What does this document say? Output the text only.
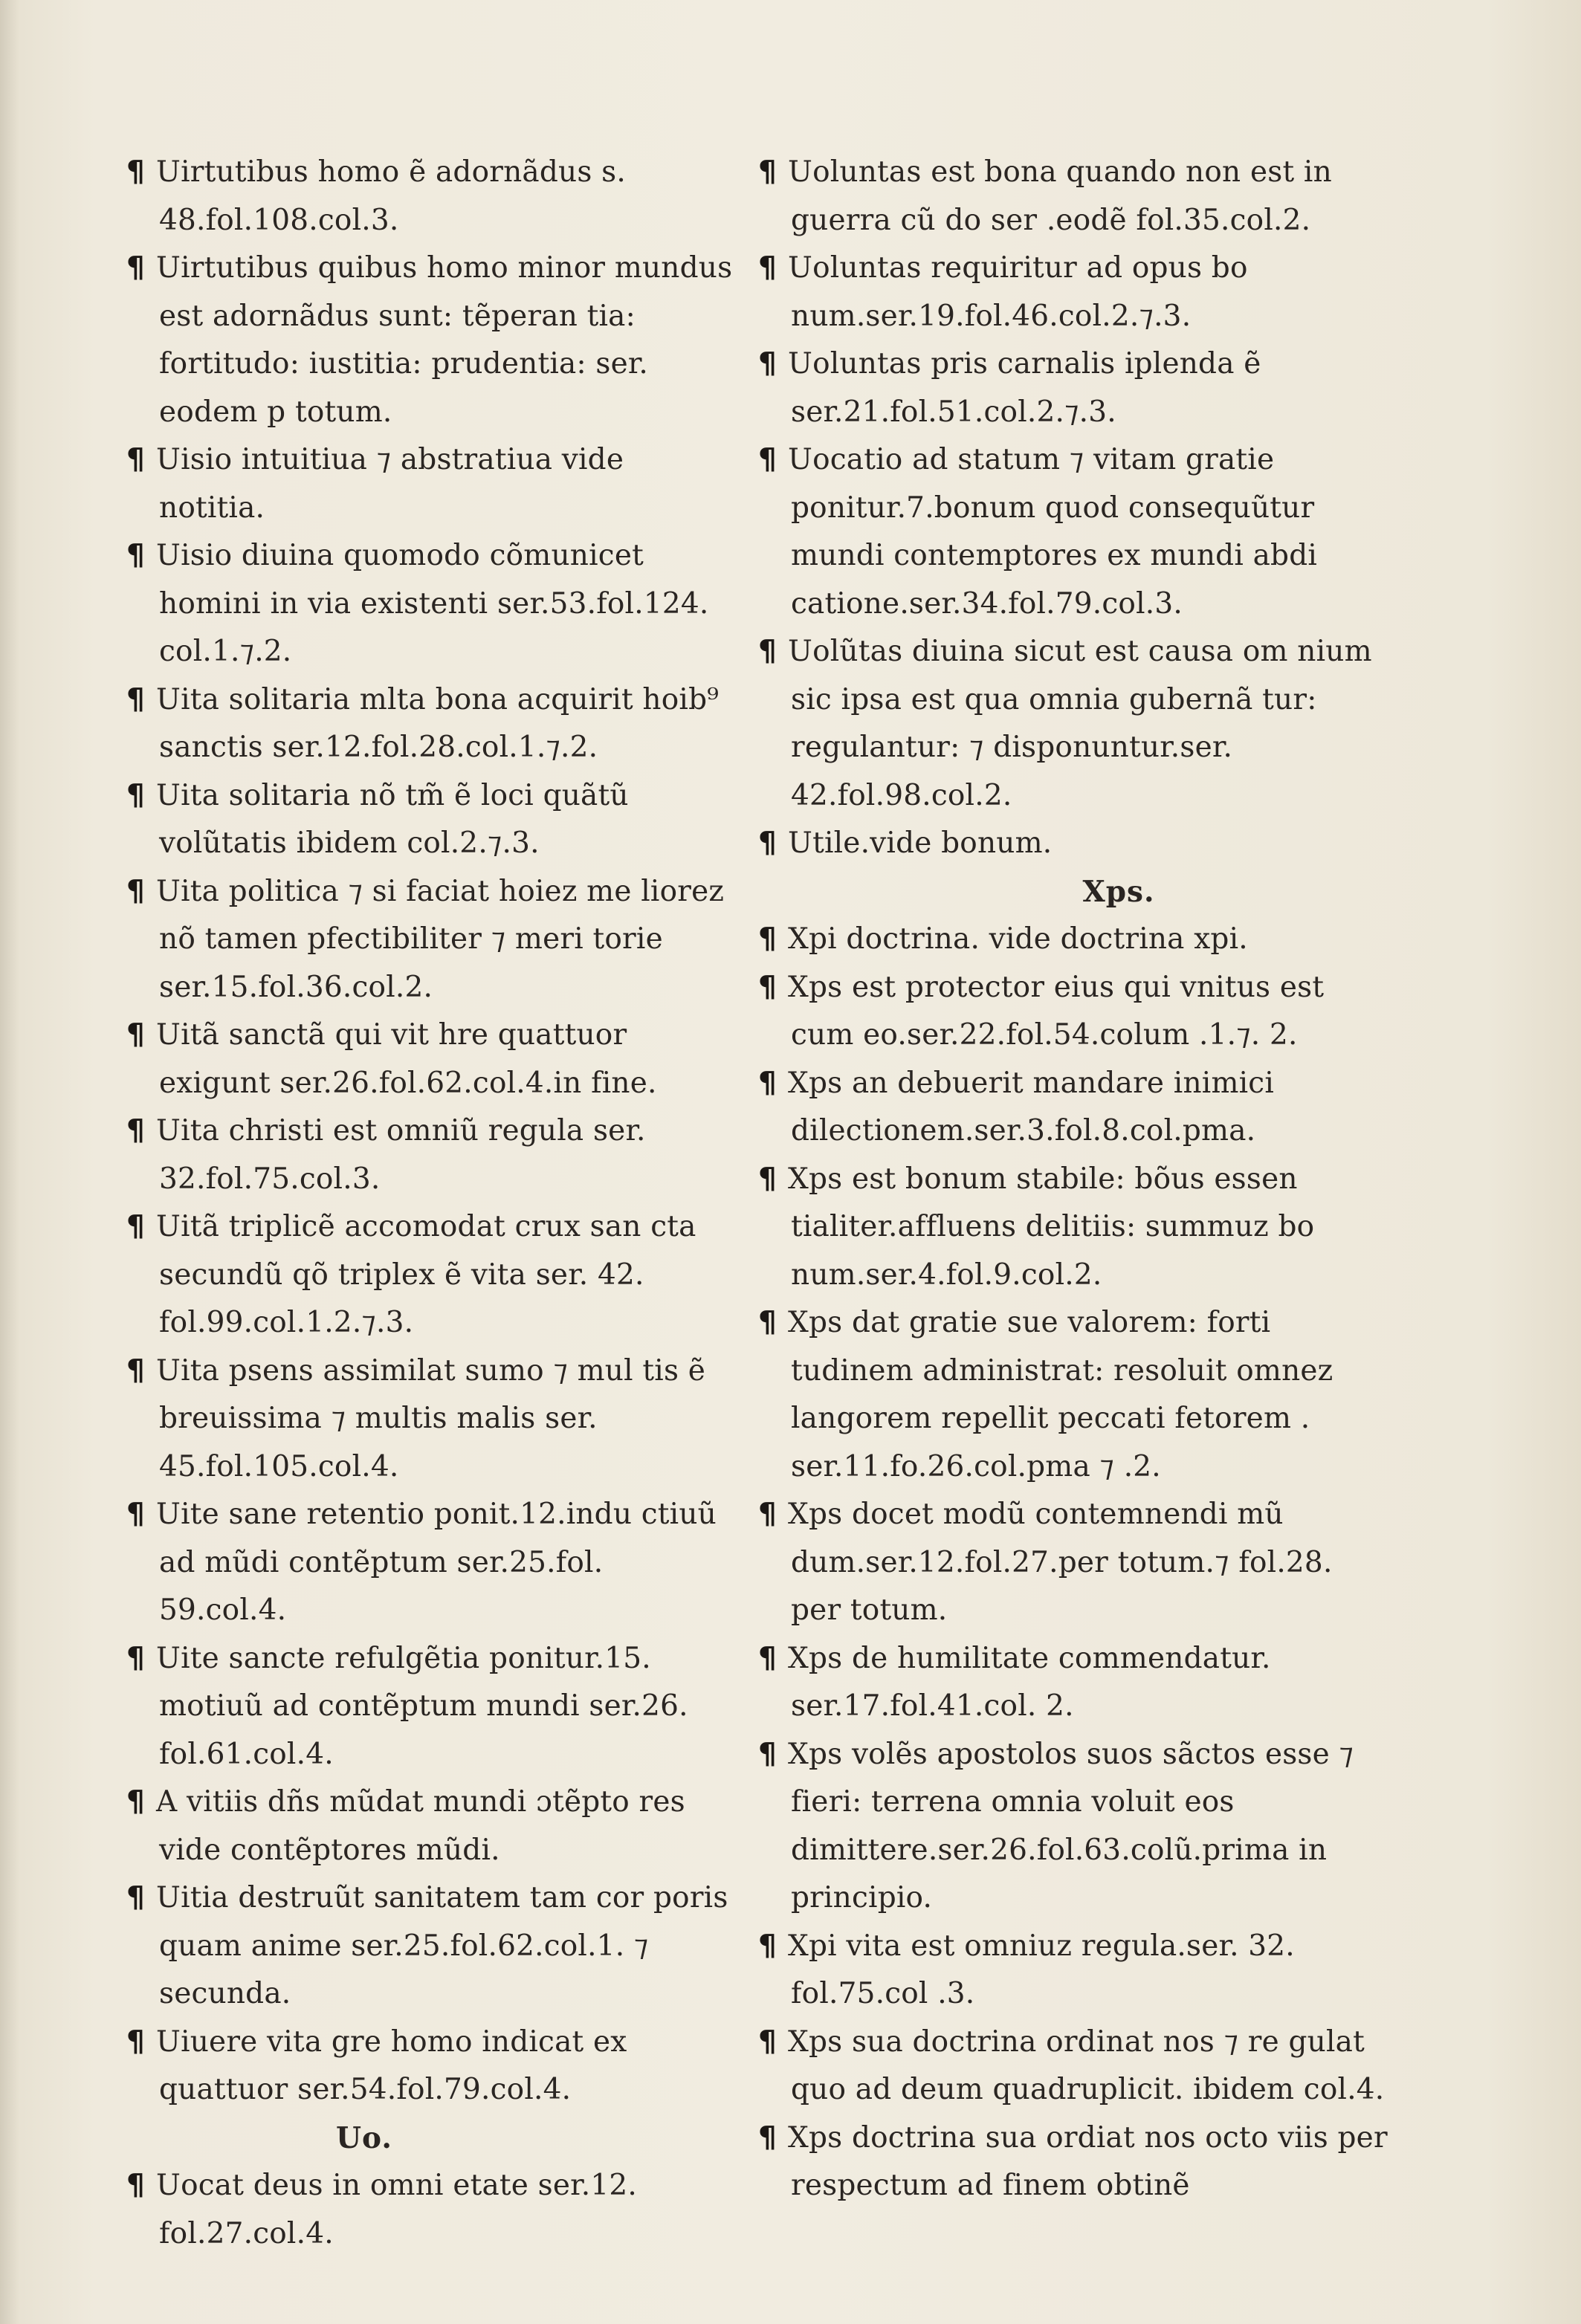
¶ Uirtutibus homo ẽ adornãdus s. 48.fol.108.col.3.

¶ Uirtutibus quibus homo minor mundus est adornãdus sunt: tẽperan tia: fortitudo: iustitia: prudentia: ser. eodem p totum.

¶ Uisio intuitiua ⁊ abstratiua vide notitia.

¶ Uisio diuina quomodo cõmunicet homini in via existenti ser.53.fol.124. col.1.⁊.2.

¶ Uita solitaria mlta bona acquirit hoib⁹ sanctis ser.12.fol.28.col.1.⁊.2.

¶ Uita solitaria nõ tm̃ ẽ loci quãtũ volũtatis ibidem col.2.⁊.3.

¶ Uita politica ⁊ si faciat hoiez me liorez nõ tamen pfectibiliter ⁊ meri torie ser.15.fol.36.col.2.

¶ Uitã sanctã qui vit hre quattuor exigunt ser.26.fol.62.col.4.in fine.

¶ Uita christi est omniũ regula ser. 32.fol.75.col.3.

¶ Uitã triplicẽ accomodat crux san cta secundũ qõ triplex ẽ vita ser. 42. fol.99.col.1.2.⁊.3.

¶ Uita psens assimilat sumo ⁊ mul tis ẽ breuissima ⁊ multis malis ser. 45.fol.105.col.4.

¶ Uite sane retentio ponit.12.indu ctiuũ ad mũdi contẽptum ser.25.fol. 59.col.4.

¶ Uite sancte refulgẽtia ponitur.15. motiuũ ad contẽptum mundi ser.26. fol.61.col.4.

¶ A vitiis dñs mũdat mundi ɔtẽpto res vide contẽptores mũdi.

¶ Uitia destruũt sanitatem tam cor poris quam anime ser.25.fol.62.col.1. ⁊ secunda.

¶ Uiuere vita gre homo indicat ex quattuor ser.54.fol.79.col.4.

Uo.

¶ Uocat deus in omni etate ser.12. fol.27.col.4.

¶ Uoluntas est bona quando non est in guerra cũ do ser .eodẽ fol.35.col.2.

¶ Uoluntas requiritur ad opus bo num.ser.19.fol.46.col.2.⁊.3.

¶ Uoluntas pris carnalis iplenda ẽ ser.21.fol.51.col.2.⁊.3.

¶ Uocatio ad statum ⁊ vitam gratie ponitur.7.bonum quod consequũtur mundi contemptores ex mundi abdi catione.ser.34.fol.79.col.3.

¶ Uolũtas diuina sicut est causa om nium sic ipsa est qua omnia gubernã tur: regulantur: ⁊ disponuntur.ser. 42.fol.98.col.2.

¶ Utile.vide bonum.

Xps.

¶ Xpi doctrina. vide doctrina xpi.

¶ Xps est protector eius qui vnitus est cum eo.ser.22.fol.54.colum .1.⁊. 2.

¶ Xps an debuerit mandare inimici dilectionem.ser.3.fol.8.col.pma.

¶ Xps est bonum stabile: bõus essen tialiter.affluens delitiis: summuz bo num.ser.4.fol.9.col.2.

¶ Xps dat gratie sue valorem: forti tudinem administrat: resoluit omnez langorem repellit peccati fetorem . ser.11.fo.26.col.pma ⁊ .2.

¶ Xps docet modũ contemnendi mũ dum.ser.12.fol.27.per totum.⁊ fol.28. per totum.

¶ Xps de humilitate commendatur. ser.17.fol.41.col. 2.

¶ Xps volẽs apostolos suos sãctos esse ⁊ fieri: terrena omnia voluit eos dimittere.ser.26.fol.63.colũ.prima in principio.

¶ Xpi vita est omniuz regula.ser. 32. fol.75.col .3.

¶ Xps sua doctrina ordinat nos ⁊ re gulat quo ad deum quadruplicit. ibidem col.4.

¶ Xps doctrina sua ordiat nos octo viis per respectum ad finem obtinẽ
